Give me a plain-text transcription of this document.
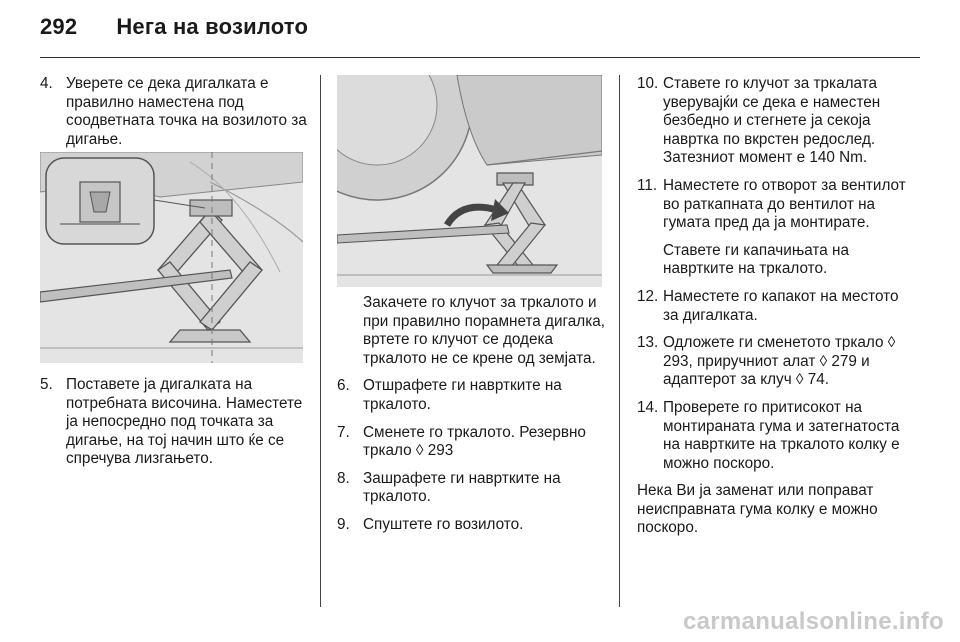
292 Нега на возилото
4. Уверете се дека дигалката е правилно наместена под соодветната точка на возилото за дигање.
5. Поставете ја дигалката на потребната височина. Наместете ја непосредно под точката за дигање, на тој начин што ќе се спречува лизгањето.
Закачете го клучот за тркалото и при правилно порамнета дигалка, вртете го клучот се додека тркалото не се крене од земјата.
6. Отшрафете ги навртките на тркалото.
7. Сменете го тркалото. Резервно тркало ◊ 293
8. Зашрафете ги навртките на тркалото.
9. Спуштете го возилото.
10. Ставете го клучот за тркалата уверувајќи се дека е наместен безбедно и стегнете ја секоја навртка по вкрстен редослед. Затезниот момент е 140 Nm.
11. Наместете го отворот за вентилот во раткапната до вентилот на гумата пред да ја монтирате.
Ставете ги капачињата на навртките на тркалото.
12. Наместете го капакот на местото за дигалката.
13. Одложете ги сменетото тркало ◊ 293, приручниот алат ◊ 279 и адаптерот за клуч ◊ 74.
14. Проверете го притисокот на монтираната гума и затегнатоста на навртките на тркалото колку е можно поскоро.
Нека Ви ја заменат или поправат неисправната гума колку е можно поскоро.
carmanualsonline.info
